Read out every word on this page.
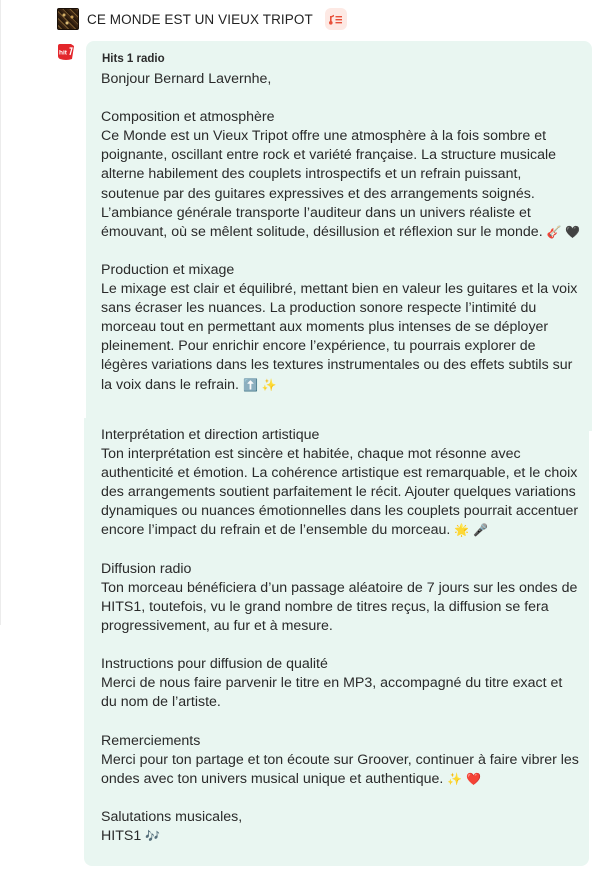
CE MONDE EST UN VIEUX TRIPOT
hit	Hits 1 radio
Bonjour Bernard Lavernhe,

Composition et atmosphère
Ce Monde est un Vieux Tripot offre une atmosphère à la fois sombre et poignante, oscillant entre rock et variété française. La structure musicale alterne habilement des couplets introspectifs et un refrain puissant, soutenue par des guitares expressives et des arrangements soignés. L’ambiance générale transporte l’auditeur dans un univers réaliste et émouvant, où se mêlent solitude, désillusion et réflexion sur le monde. 🎸 🖤

Production et mixage
Le mixage est clair et équilibré, mettant bien en valeur les guitares et la voix sans écraser les nuances. La production sonore respecte l’intimité du morceau tout en permettant aux moments plus intenses de se déployer pleinement. Pour enrichir encore l’expérience, tu pourrais explorer de légères variations dans les textures instrumentales ou des effets subtils sur la voix dans le refrain. ⬆️ ✨
Interprétation et direction artistique
Ton interprétation est sincère et habitée, chaque mot résonne avec authenticité et émotion. La cohérence artistique est remarquable, et le choix des arrangements soutient parfaitement le récit. Ajouter quelques variations dynamiques ou nuances émotionnelles dans les couplets pourrait accentuer encore l’impact du refrain et de l’ensemble du morceau. 🌟 🎤

Diffusion radio
Ton morceau bénéficiera d’un passage aléatoire de 7 jours sur les ondes de HITS1, toutefois, vu le grand nombre de titres reçus, la diffusion se fera progressivement, au fur et à mesure.

Instructions pour diffusion de qualité
Merci de nous faire parvenir le titre en MP3, accompagné du titre exact et du nom de l’artiste.

Remerciements
Merci pour ton partage et ton écoute sur Groover, continuer à faire vibrer les ondes avec ton univers musical unique et authentique. ✨ ❤️

Salutations musicales,
HITS1 🎶
